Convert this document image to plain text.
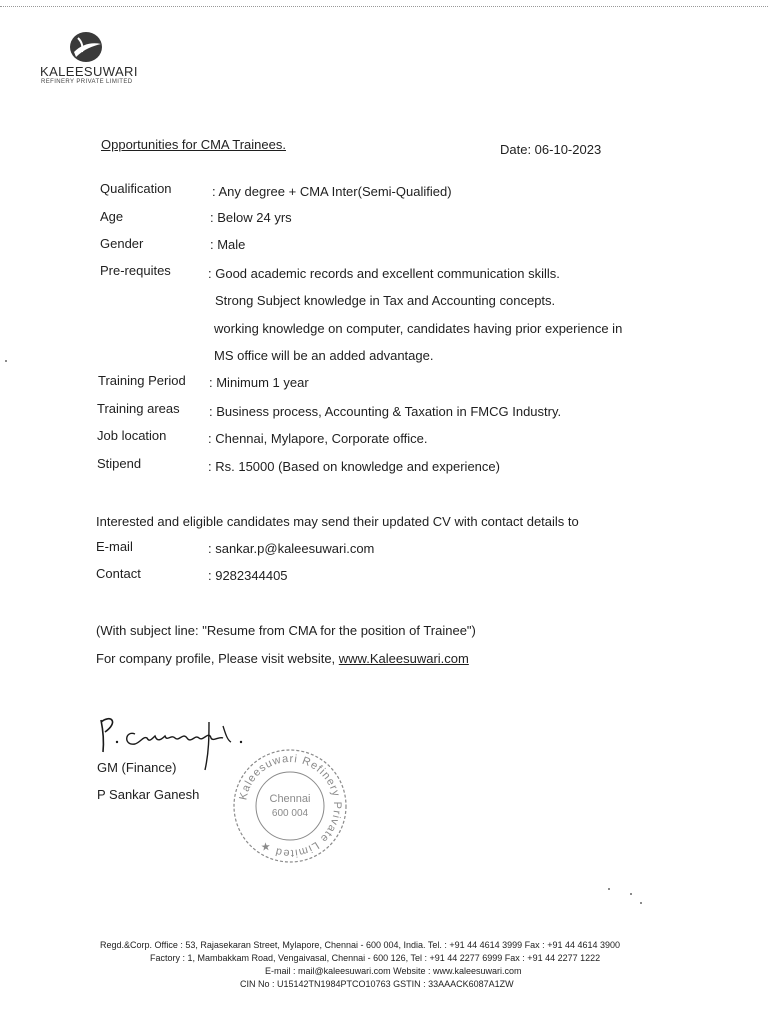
KALEESUWARI
REFINERY PRIVATE LIMITED
Opportunities for CMA Trainees.	Date: 06-10-2023
Qualification	: Any degree + CMA Inter(Semi-Qualified)
Age	: Below 24 yrs
Gender	: Male
Pre-requites	: Good academic records and excellent communication skills.
Strong Subject knowledge in Tax and Accounting concepts.
working knowledge on computer, candidates having prior experience in
MS office will be an added advantage.
Training Period : Minimum 1 year
Training areas : Business process, Accounting & Taxation in FMCG Industry.
Job location	: Chennai, Mylapore, Corporate office.
Stipend	: Rs. 15000 (Based on knowledge and experience)
Interested and eligible candidates may send their updated CV with contact details to
E-mail	: sankar.p@kaleesuwari.com
Contact	: 9282344405
(With subject line: "Resume from CMA for the position of Trainee")
For company profile, Please visit website, www.Kaleesuwari.com
GM (Finance)
P Sankar Ganesh	Kaleesuwari Refinery Private Limited ★
Chennai
600 004
Regd.&Corp. Office : 53, Rajasekaran Street, Mylapore, Chennai - 600 004, India. Tel. : +91 44 4614 3999 Fax : +91 44 4614 3900
Factory : 1, Mambakkam Road, Vengaivasal, Chennai - 600 126, Tel : +91 44 2277 6999 Fax : +91 44 2277 1222
E-mail : mail@kaleesuwari.com Website : www.kaleesuwari.com
CIN No : U15142TN1984PTCO10763 GSTIN : 33AAACK6087A1ZW
